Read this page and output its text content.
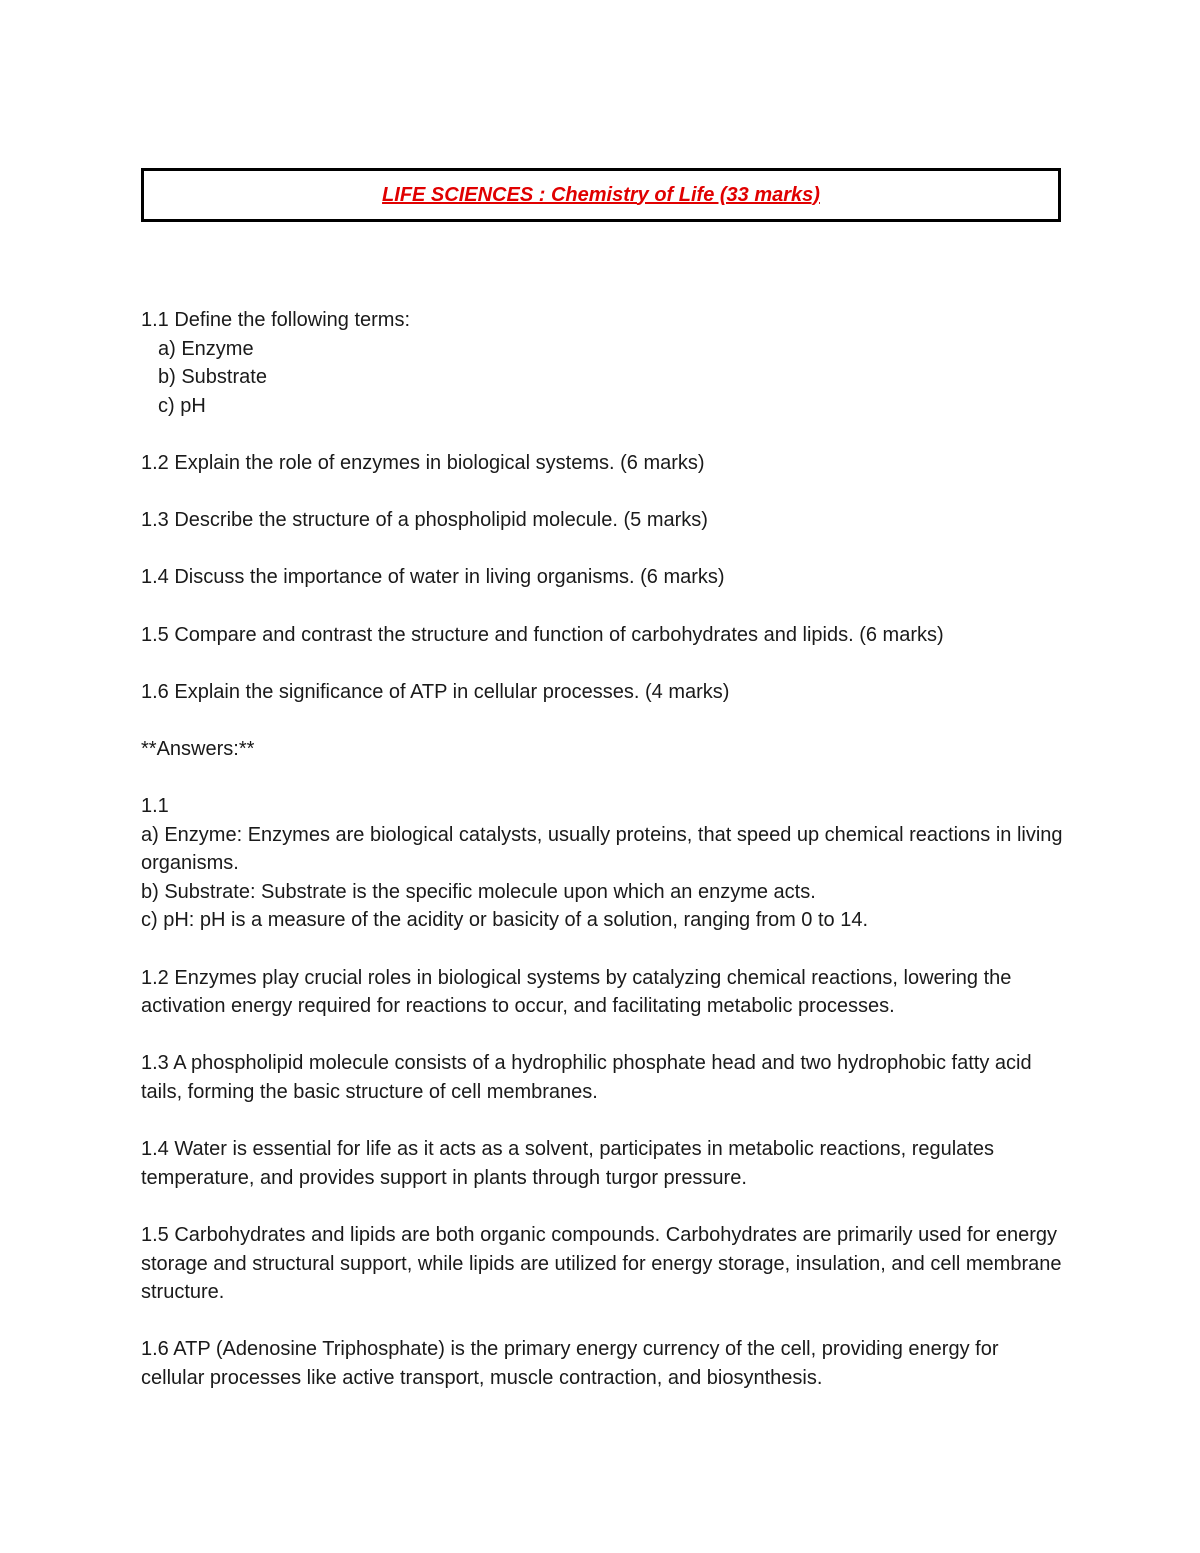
LIFE SCIENCES : Chemistry of Life (33 marks)
1.1 Define the following terms:
a) Enzyme
b) Substrate
c) pH
1.2 Explain the role of enzymes in biological systems. (6 marks)
1.3 Describe the structure of a phospholipid molecule. (5 marks)
1.4 Discuss the importance of water in living organisms. (6 marks)
1.5 Compare and contrast the structure and function of carbohydrates and lipids. (6 marks)
1.6 Explain the significance of ATP in cellular processes. (4 marks)
**Answers:**
1.1
a) Enzyme: Enzymes are biological catalysts, usually proteins, that speed up chemical reactions in living organisms.
b) Substrate: Substrate is the specific molecule upon which an enzyme acts.
c) pH: pH is a measure of the acidity or basicity of a solution, ranging from 0 to 14.
1.2 Enzymes play crucial roles in biological systems by catalyzing chemical reactions, lowering the activation energy required for reactions to occur, and facilitating metabolic processes.
1.3 A phospholipid molecule consists of a hydrophilic phosphate head and two hydrophobic fatty acid tails, forming the basic structure of cell membranes.
1.4 Water is essential for life as it acts as a solvent, participates in metabolic reactions, regulates temperature, and provides support in plants through turgor pressure.
1.5 Carbohydrates and lipids are both organic compounds. Carbohydrates are primarily used for energy storage and structural support, while lipids are utilized for energy storage, insulation, and cell membrane structure.
1.6 ATP (Adenosine Triphosphate) is the primary energy currency of the cell, providing energy for cellular processes like active transport, muscle contraction, and biosynthesis.
